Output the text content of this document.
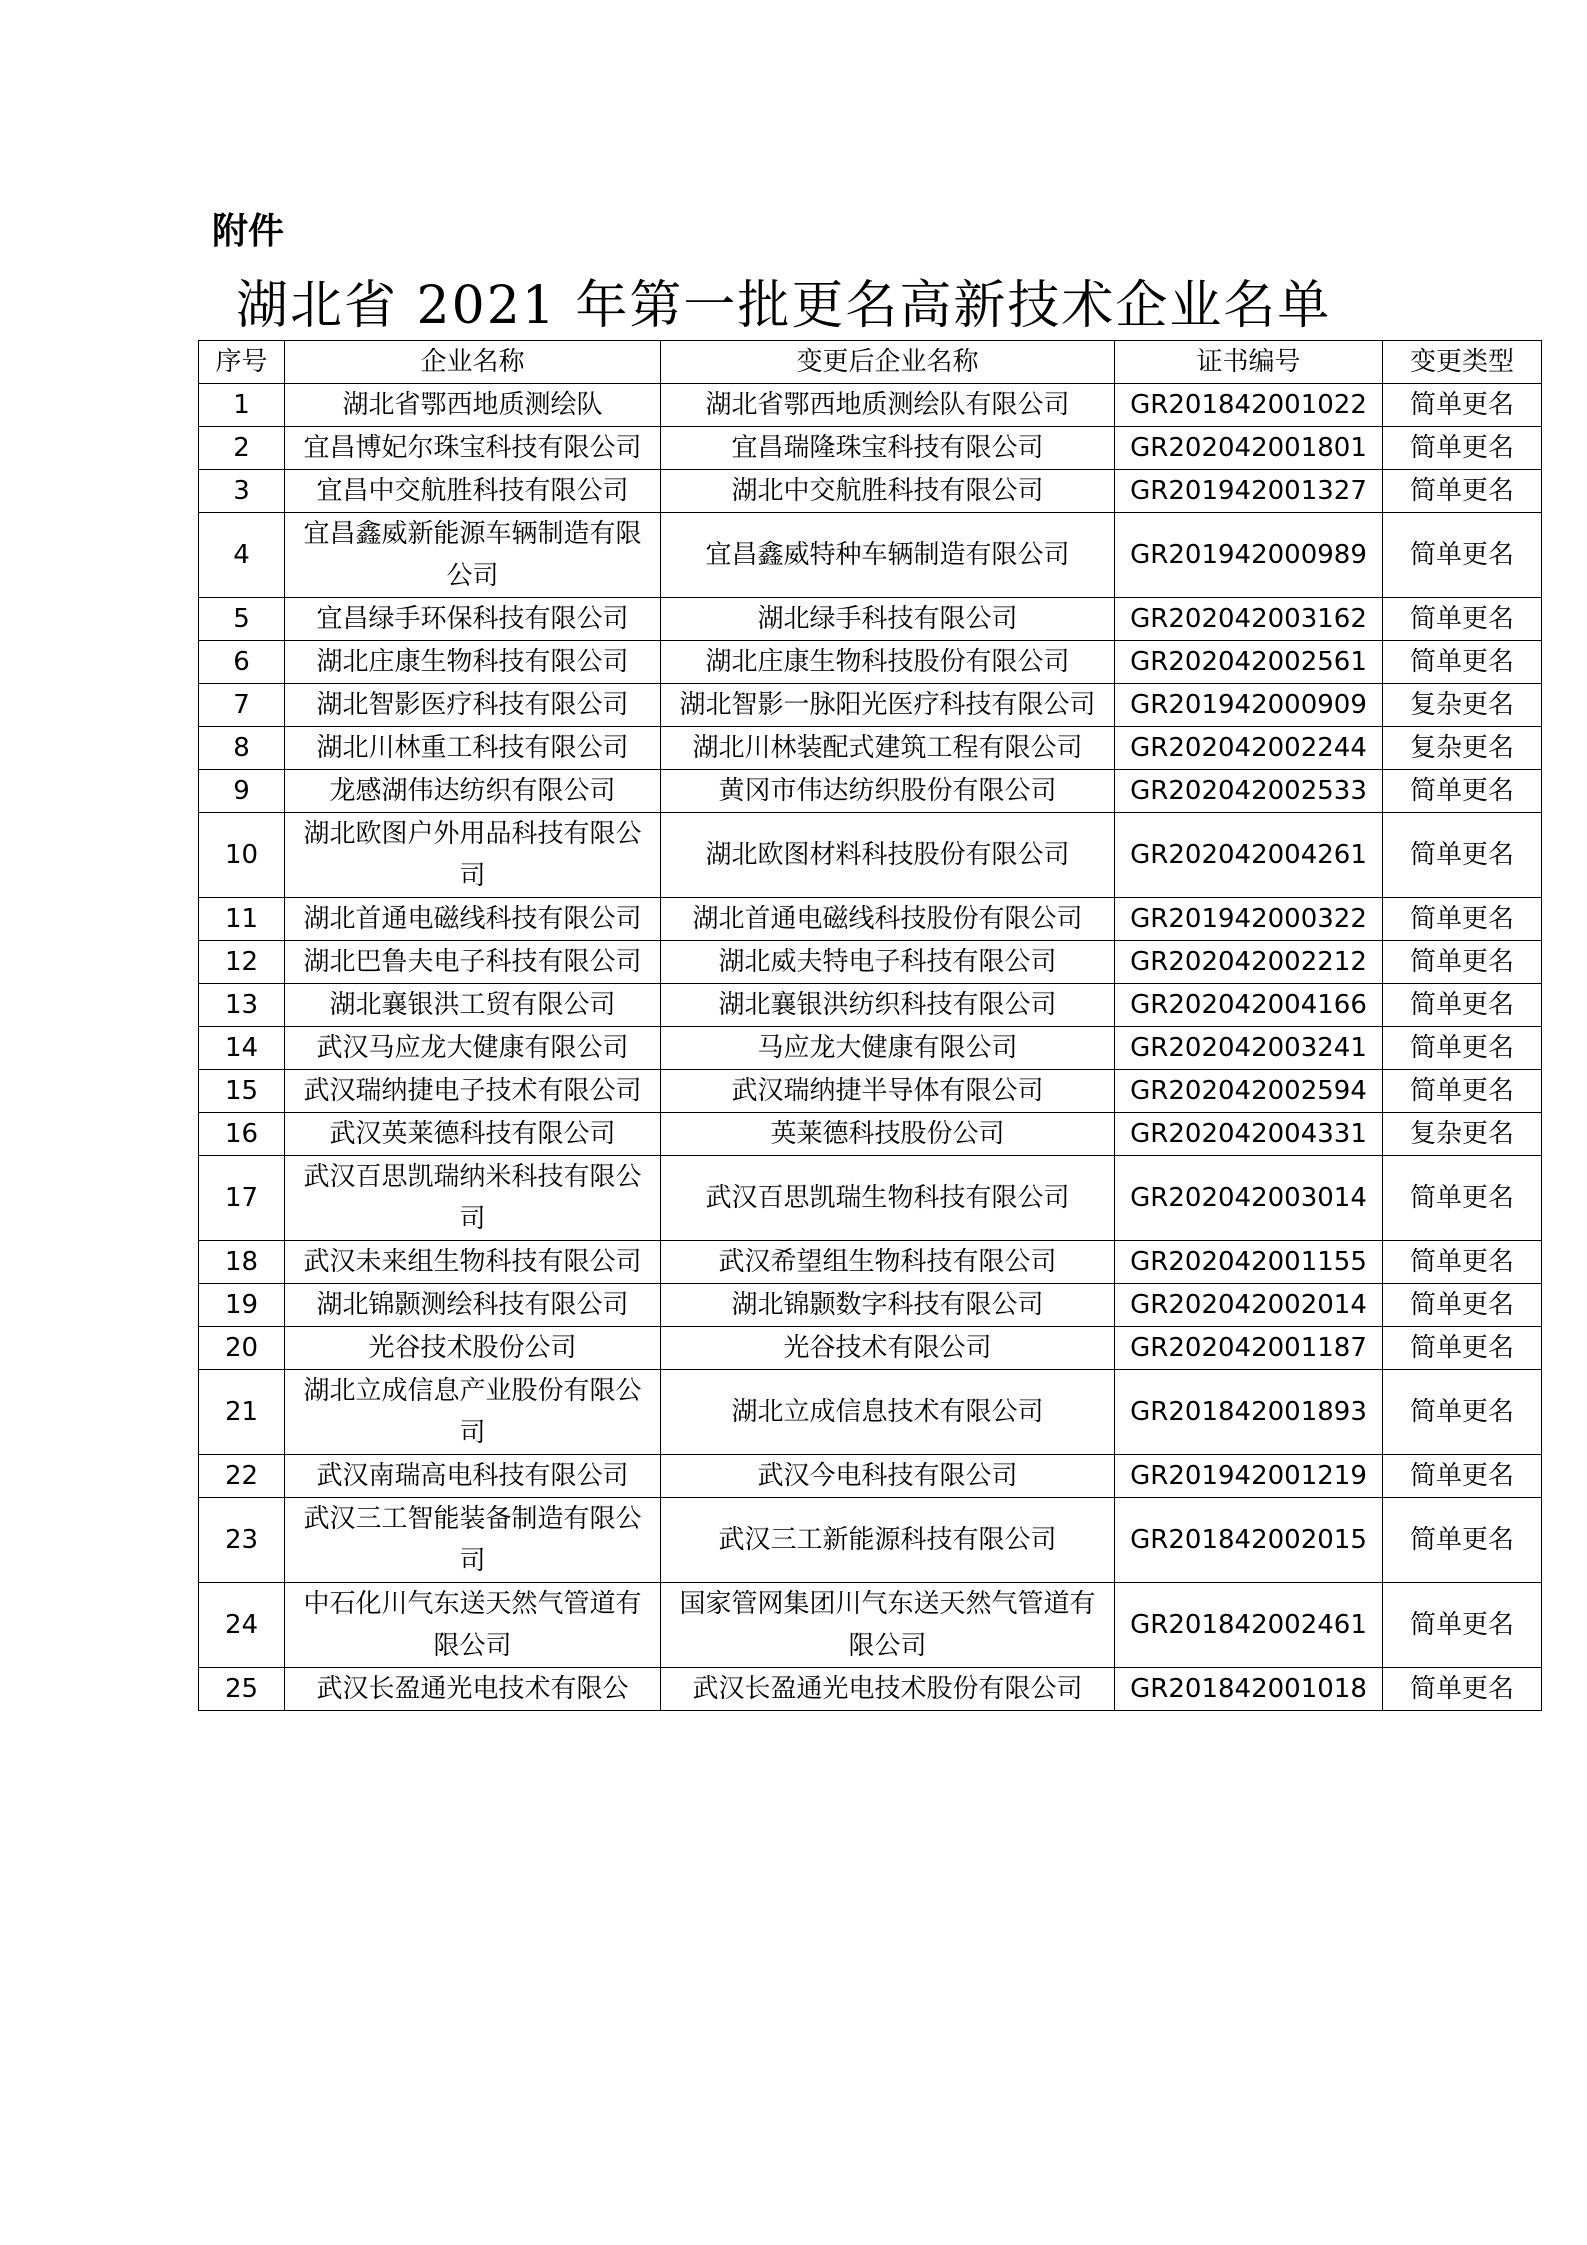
附件
湖北省 2021 年第一批更名高新技术企业名单
序号	企业名称	变更后企业名称	证书编号	变更类型
1	湖北省鄂西地质测绘队	湖北省鄂西地质测绘队有限公司	GR201842001022	简单更名
2	宜昌博妃尔珠宝科技有限公司	宜昌瑞隆珠宝科技有限公司	GR202042001801	简单更名
3	宜昌中交航胜科技有限公司	湖北中交航胜科技有限公司	GR201942001327	简单更名
4	宜昌鑫威新能源车辆制造有限公司	宜昌鑫威特种车辆制造有限公司	GR201942000989	简单更名
5	宜昌绿手环保科技有限公司	湖北绿手科技有限公司	GR202042003162	简单更名
6	湖北庄康生物科技有限公司	湖北庄康生物科技股份有限公司	GR202042002561	简单更名
7	湖北智影医疗科技有限公司	湖北智影一脉阳光医疗科技有限公司	GR201942000909	复杂更名
8	湖北川林重工科技有限公司	湖北川林装配式建筑工程有限公司	GR202042002244	复杂更名
9	龙感湖伟达纺织有限公司	黄冈市伟达纺织股份有限公司	GR202042002533	简单更名
10	湖北欧图户外用品科技有限公司	湖北欧图材料科技股份有限公司	GR202042004261	简单更名
11	湖北首通电磁线科技有限公司	湖北首通电磁线科技股份有限公司	GR201942000322	简单更名
12	湖北巴鲁夫电子科技有限公司	湖北威夫特电子科技有限公司	GR202042002212	简单更名
13	湖北襄银洪工贸有限公司	湖北襄银洪纺织科技有限公司	GR202042004166	简单更名
14	武汉马应龙大健康有限公司	马应龙大健康有限公司	GR202042003241	简单更名
15	武汉瑞纳捷电子技术有限公司	武汉瑞纳捷半导体有限公司	GR202042002594	简单更名
16	武汉英莱德科技有限公司	英莱德科技股份公司	GR202042004331	复杂更名
17	武汉百思凯瑞纳米科技有限公司	武汉百思凯瑞生物科技有限公司	GR202042003014	简单更名
18	武汉未来组生物科技有限公司	武汉希望组生物科技有限公司	GR202042001155	简单更名
19	湖北锦颢测绘科技有限公司	湖北锦颢数字科技有限公司	GR202042002014	简单更名
20	光谷技术股份公司	光谷技术有限公司	GR202042001187	简单更名
21	湖北立成信息产业股份有限公司	湖北立成信息技术有限公司	GR201842001893	简单更名
22	武汉南瑞高电科技有限公司	武汉今电科技有限公司	GR201942001219	简单更名
23	武汉三工智能装备制造有限公司	武汉三工新能源科技有限公司	GR201842002015	简单更名
24	中石化川气东送天然气管道有限公司	国家管网集团川气东送天然气管道有限公司	GR201842002461	简单更名
25	武汉长盈通光电技术有限公	武汉长盈通光电技术股份有限公司	GR201842001018	简单更名
